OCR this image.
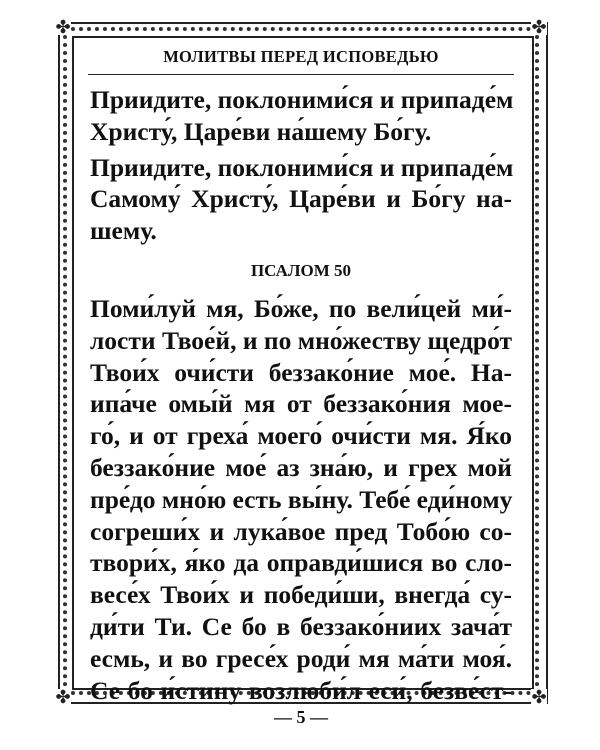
✤	✤
✤	✤
МОЛИТВЫ ПЕРЕД ИСПОВЕДЬЮ

Приидите, поклоними́ся и припаде́м
Христу́, Царе́ви на́шему Бо́гу.

Приидите, поклоними́ся и припаде́м
Самому́ Христу́, Царе́ви и Бо́гу на-
шему.

ПСАЛОМ 50

Поми́луй мя, Бо́же, по вели́цей ми́-
лости Твое́й, и по мно́жеству щедро́т
Твои́х очи́сти беззако́ние мое́. На-
ипа́че омы́й мя от беззако́ния мое-
го́, и от греха́ моего́ очи́сти мя. Я́ко
беззако́ние мое́ аз зна́ю, и грех мой
пре́до мно́ю есть вы́ну. Тебе́ еди́ному
согреши́х и лука́вое пред Тобо́ю со-
твори́х, я́ко да оправди́шися во сло-
весе́х Твои́х и победи́ши, внегда́ су-
ди́ти Ти. Се бо в беззако́ниих зача́т
есмь, и во гресе́х роди́ мя ма́ти моя́.
Се бо и́стину возлюби́л еси́, безве́ст-

— 5 —
